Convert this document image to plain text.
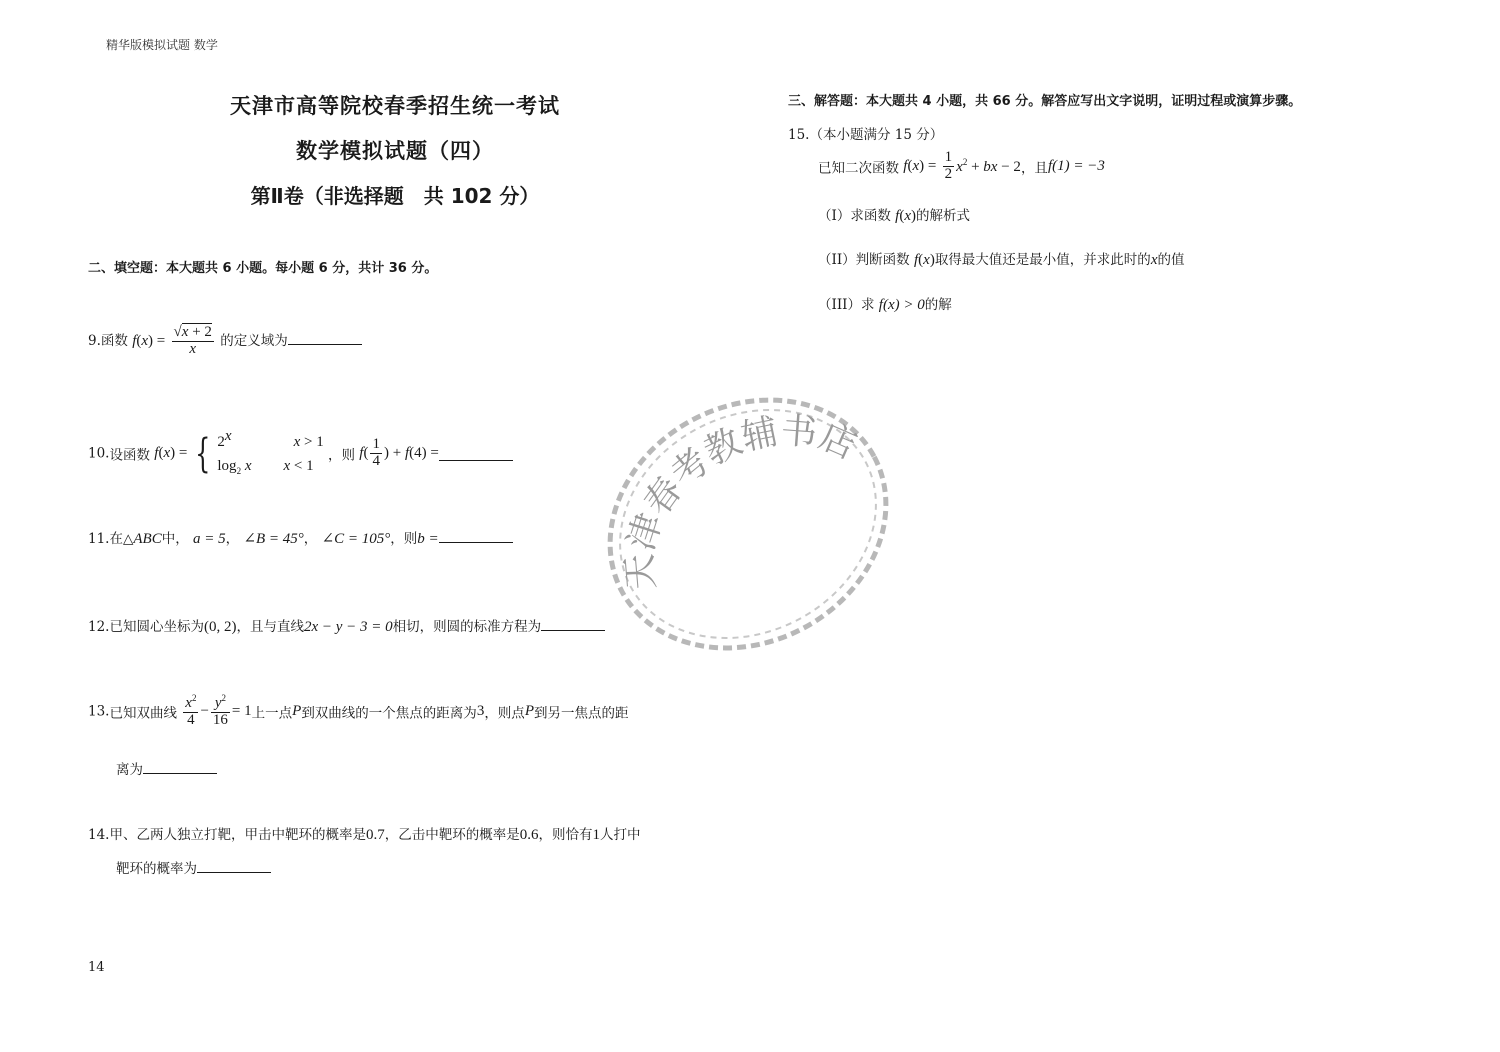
精华版模拟试题 数学
天津市高等院校春季招生统一考试
数学模拟试题（四）
第Ⅱ卷（非选择题　共 102 分）
二、填空题：本大题共 6 小题。每小题 6 分，共计 36 分。
9.函数 $f(x) = \frac{√x + 2}{x}$ 的定义域为
10.设函数 f(x) = { 2$^x$	x > 1
$\log_2 x$ x < 1
，则 $f( \frac{1}{4}$ ) + f(4) =
11.在△ABC中， a = 5， ∠B = 45°， ∠C = 105°，则b =
12.已知圆心坐标为(0, 2)，且与直线2x − y − 3 = 0相切，则圆的标准方程为
13.已知双曲线 $\frac{x^2}{4} - \frac{y^2}{16} = 1$上一点P到双曲线的一个焦点的距离为3，则点P到另一焦点的距
离为
14.甲、乙两人独立打靶，甲击中靶环的概率是0.7，乙击中靶环的概率是0.6，则恰有1人打中
靶环的概率为
三、解答题：本大题共 4 小题，共 66 分。解答应写出文字说明，证明过程或演算步骤。
15.（本小题满分 15 分）
已知二次函数 $f(x) = \frac{1}{2} x^2$ + bx − 2，且f(1) = −3
（I）求函数 f(x)的解析式
（II）判断函数 f(x)取得最大值还是最小值，并求此时的x的值
（III）求 f(x) > 0的解
天津春考教辅书店
14
